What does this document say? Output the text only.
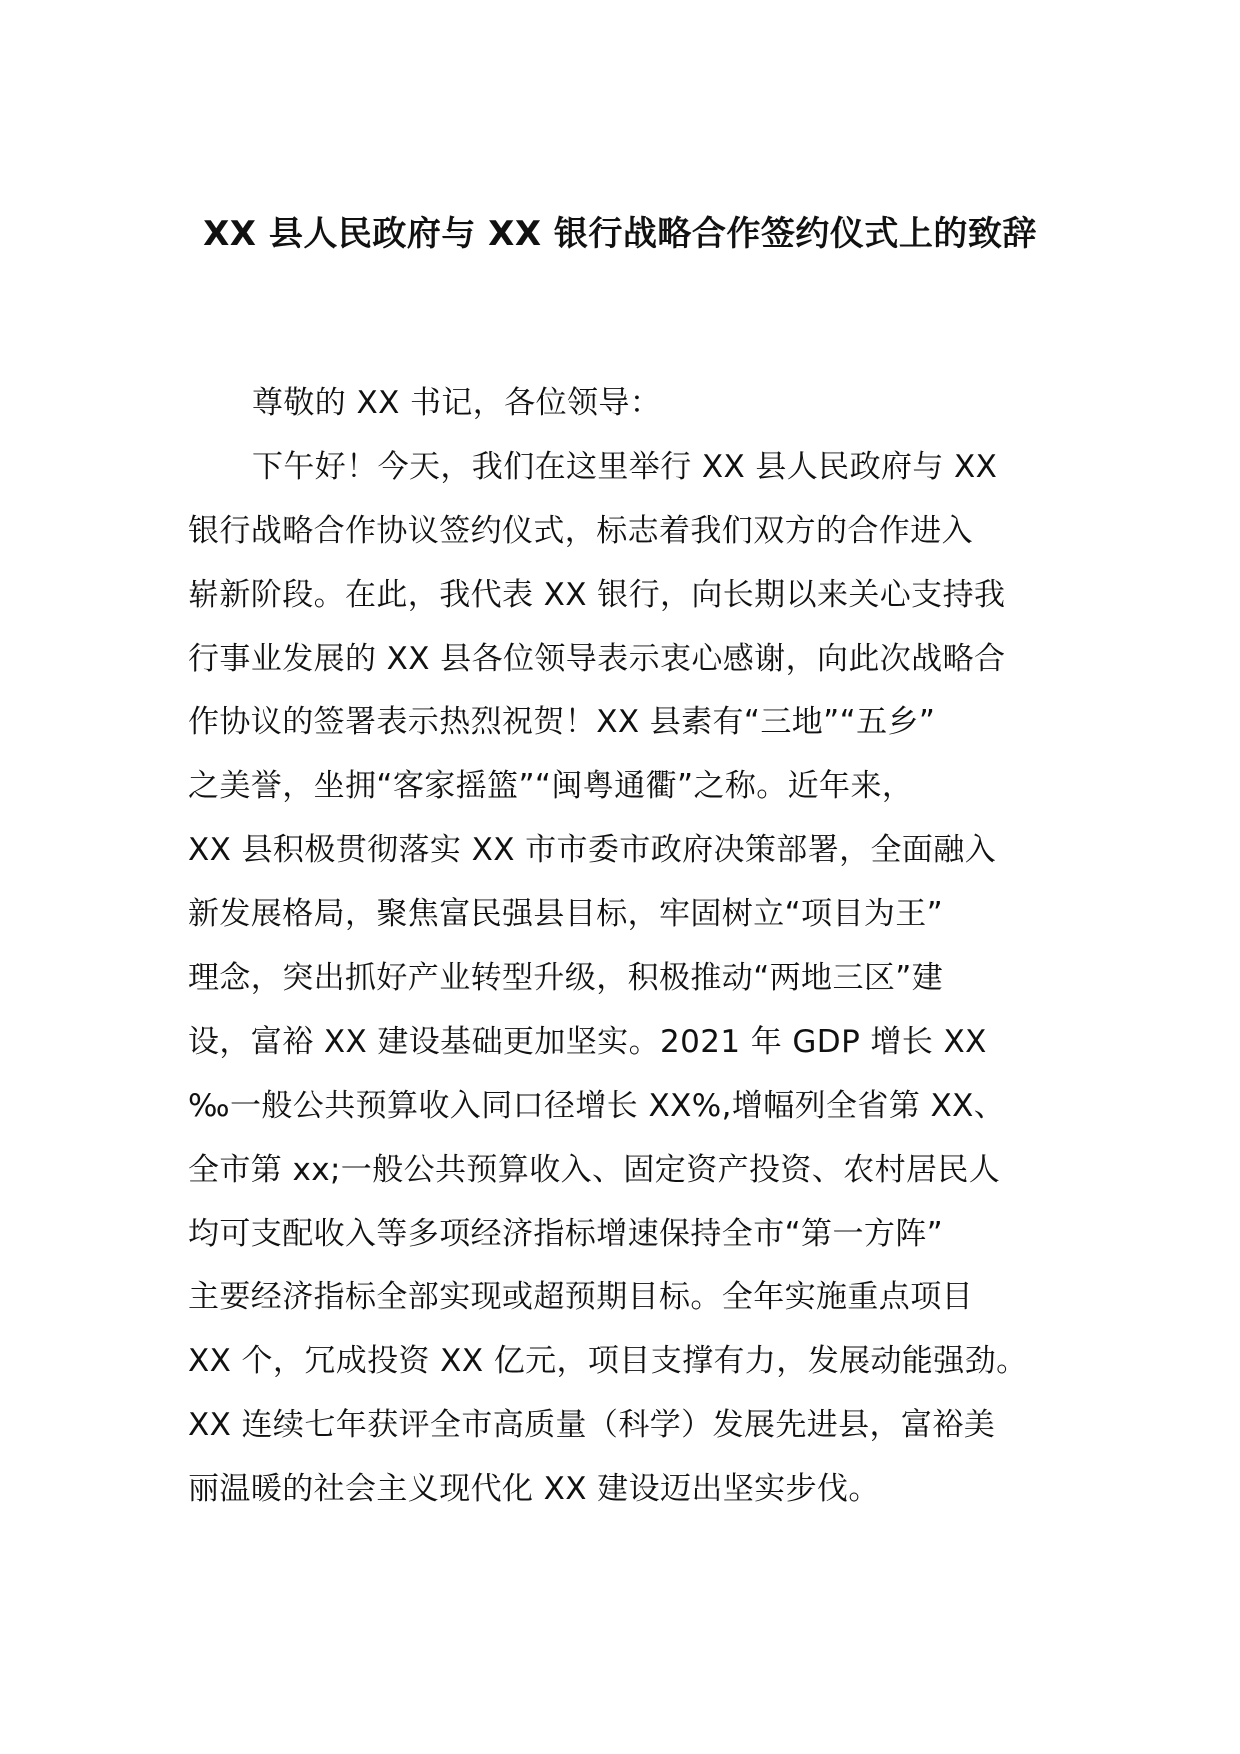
XX 县人民政府与 XX 银行战略合作签约仪式上的致辞
尊敬的 XX 书记，各位领导：
下午好！今天，我们在这里举行 XX 县人民政府与 XX
银行战略合作协议签约仪式，标志着我们双方的合作进入
崭新阶段。在此，我代表 XX 银行，向长期以来关心支持我
行事业发展的 XX 县各位领导表示衷心感谢，向此次战略合
作协议的签署表示热烈祝贺！XX 县素有“三地”“五乡”
之美誉，坐拥“客家摇篮”“闽粤通衢”之称。近年来，
XX 县积极贯彻落实 XX 市市委市政府决策部署，全面融入
新发展格局，聚焦富民强县目标，牢固树立“项目为王”
理念，突出抓好产业转型升级，积极推动“两地三区”建
设，富裕 XX 建设基础更加坚实。2021 年 GDP 增长 XX
‰一般公共预算收入同口径增长 XX%,增幅列全省第 XX、
全市第 xx;一般公共预算收入、固定资产投资、农村居民人
均可支配收入等多项经济指标增速保持全市“第一方阵”
主要经济指标全部实现或超预期目标。全年实施重点项目
XX 个，冗成投资 XX 亿元，项目支撑有力，发展动能强劲。
XX 连续七年获评全市高质量（科学）发展先进县，富裕美
丽温暖的社会主义现代化 XX 建设迈出坚实步伐。
